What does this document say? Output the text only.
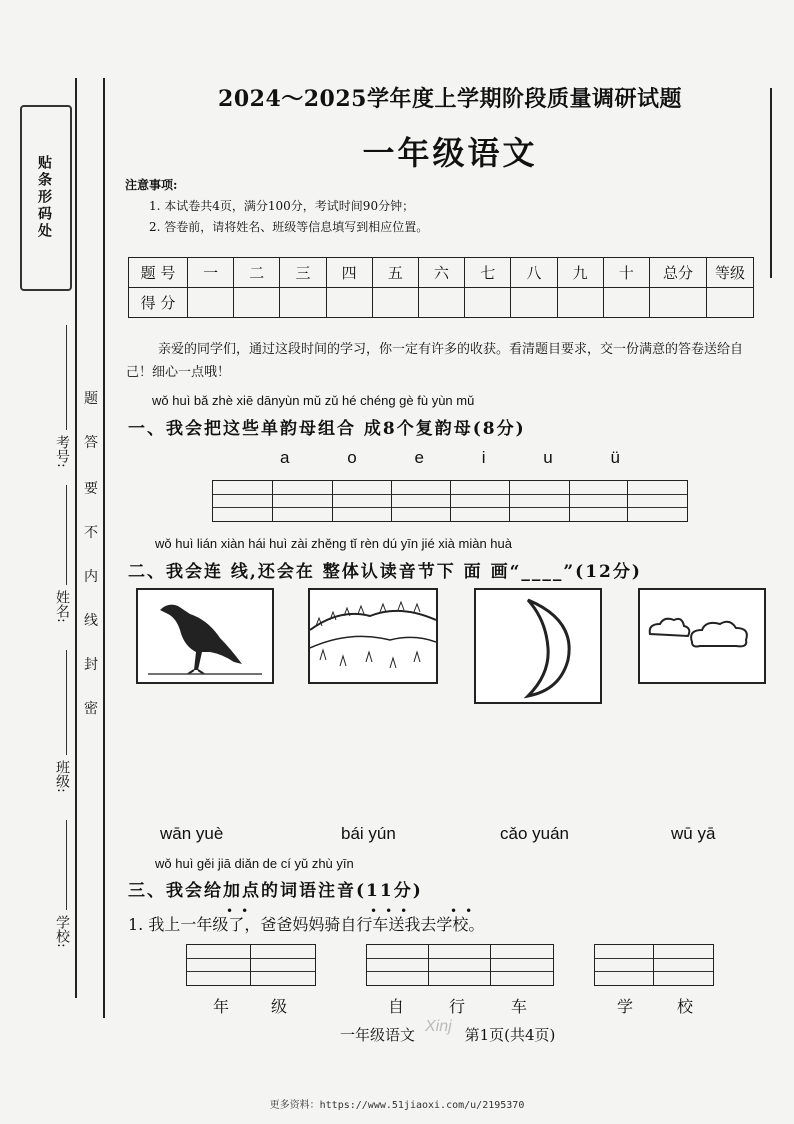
贴条形码处
考号:
姓名:
班级:
学校:
题
答
要
不
内
线
封
密
2024～2025学年度上学期阶段质量调研试题
一年级语文
注意事项:
1. 本试卷共4页，满分100分，考试时间90分钟；
2. 答卷前，请将姓名、班级等信息填写到相应位置。
题 号	一	二	三	四	五	六	七	八	九	十	总分	等级
得 分												
亲爱的同学们，通过这段时间的学习，你一定有许多的收获。看清题目要求，交一份满意的答卷送给自己！细心一点哦！
wǒ huì bǎ zhè xiē dānyùn mǔ zǔ hé chéng gè fù yùn mǔ
一、我会把这些单韵母组合 成8个复韵母(8分)
a	o	e	i	u	ü
wǒ huì lián xiàn hái huì zài zhěng tǐ rèn dú yīn jié xià miàn huà
二、我会连 线,还会在 整体认读音节下 面 画“____”(12分)
wān yuè	bái yún	cǎo yuán	wū yā
wǒ huì gěi jiā diǎn de cí yǔ zhù yīn
三、我会给加点的词语注音(11分)
1. 我上一年级了，爸爸妈妈骑自行车送我去学校。
••	•••	••
年	级	自	行	车	学	校
一年级语文	第1页(共4页)
Xinj
更多资料：https://www.51jiaoxi.com/u/2195370
